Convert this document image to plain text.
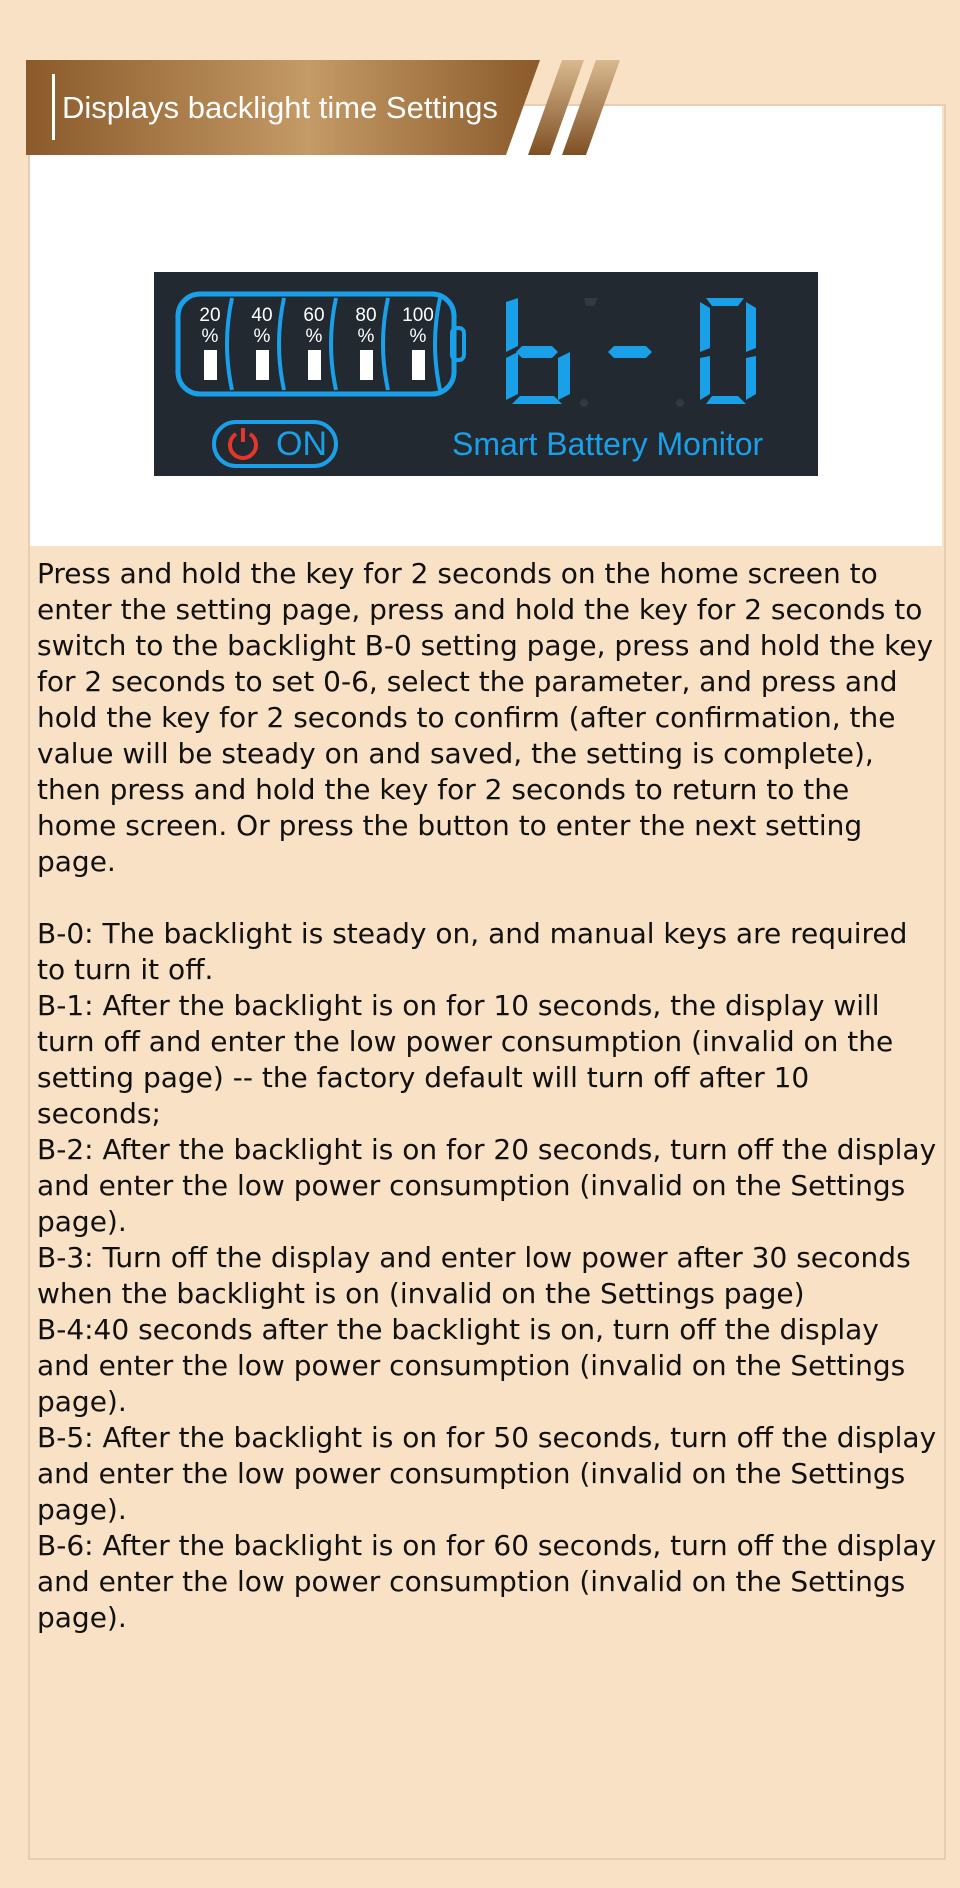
Displays backlight time Settings
20
%
40
%
60
%
80
%
100
%
ON	Smart Battery Monitor

Press and hold the key for 2 seconds on the home screen to enter the setting page, press and hold the key for 2 seconds to switch to the backlight B-0 setting page, press and hold the key for 2 seconds to set 0-6, select the parameter, and press and hold the key for 2 seconds to confirm (after confirmation, the value will be steady on and saved, the setting is complete), then press and hold the key for 2 seconds to return to the home screen. Or press the button to enter the next setting page.

B-0: The backlight is steady on, and manual keys are required to turn it off.

B-1: After the backlight is on for 10 seconds, the display will turn off and enter the low power consumption (invalid on the setting page) -- the factory default will turn off after 10 seconds;

B-2: After the backlight is on for 20 seconds, turn off the display and enter the low power consumption (invalid on the Settings page).

B-3: Turn off the display and enter low power after 30 seconds when the backlight is on (invalid on the Settings page)

B-4:40 seconds after the backlight is on, turn off the display and enter the low power consumption (invalid on the Settings page).

B-5: After the backlight is on for 50 seconds, turn off the display and enter the low power consumption (invalid on the Settings page).

B-6: After the backlight is on for 60 seconds, turn off the display and enter the low power consumption (invalid on the Settings page).
